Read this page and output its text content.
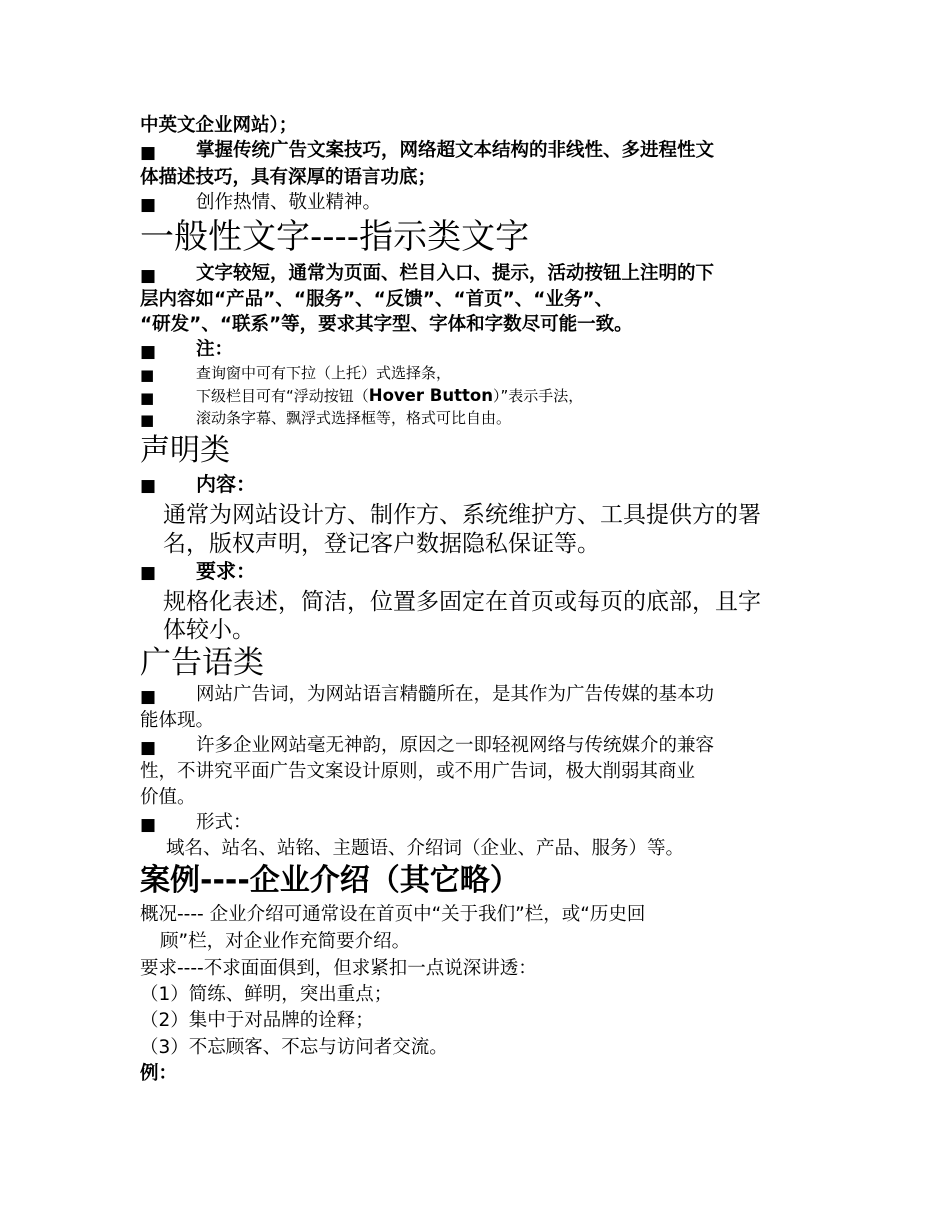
中英文企业网站）；
■ 掌握传统广告文案技巧，网络超文本结构的非线性、多进程性文
体描述技巧，具有深厚的语言功底；
■ 创作热情、敬业精神。
一般性文字----指示类文字
■ 文字较短，通常为页面、栏目入口、提示，活动按钮上注明的下
层内容如“产品”、“服务”、“反馈”、“首页”、“业务”、
“研发”、“联系”等，要求其字型、字体和字数尽可能一致。
■ 注：
■	查询窗中可有下拉（上托）式选择条，
■	下级栏目可有“浮动按钮（Hover Button）”表示手法，
■	滚动条字幕、飘浮式选择框等，格式可比自由。
声明类
■ 内容：
通常为网站设计方、制作方、系统维护方、工具提供方的署
名，版权声明，登记客户数据隐私保证等。
■ 要求：
规格化表述，简洁，位置多固定在首页或每页的底部，且字
体较小。
广告语类
■ 网站广告词，为网站语言精髓所在，是其作为广告传媒的基本功
能体现。
■ 许多企业网站毫无神韵，原因之一即轻视网络与传统媒介的兼容
性，不讲究平面广告文案设计原则，或不用广告词，极大削弱其商业
价值。
■ 形式：
域名、站名、站铭、主题语、介绍词（企业、产品、服务）等。
案例----企业介绍（其它略）
概况---- 企业介绍可通常设在首页中“关于我们”栏，或“历史回
顾”栏，对企业作充简要介绍。
要求----不求面面俱到，但求紧扣一点说深讲透：
（1）简练、鲜明，突出重点；
（2）集中于对品牌的诠释；
（3）不忘顾客、不忘与访问者交流。
例：
